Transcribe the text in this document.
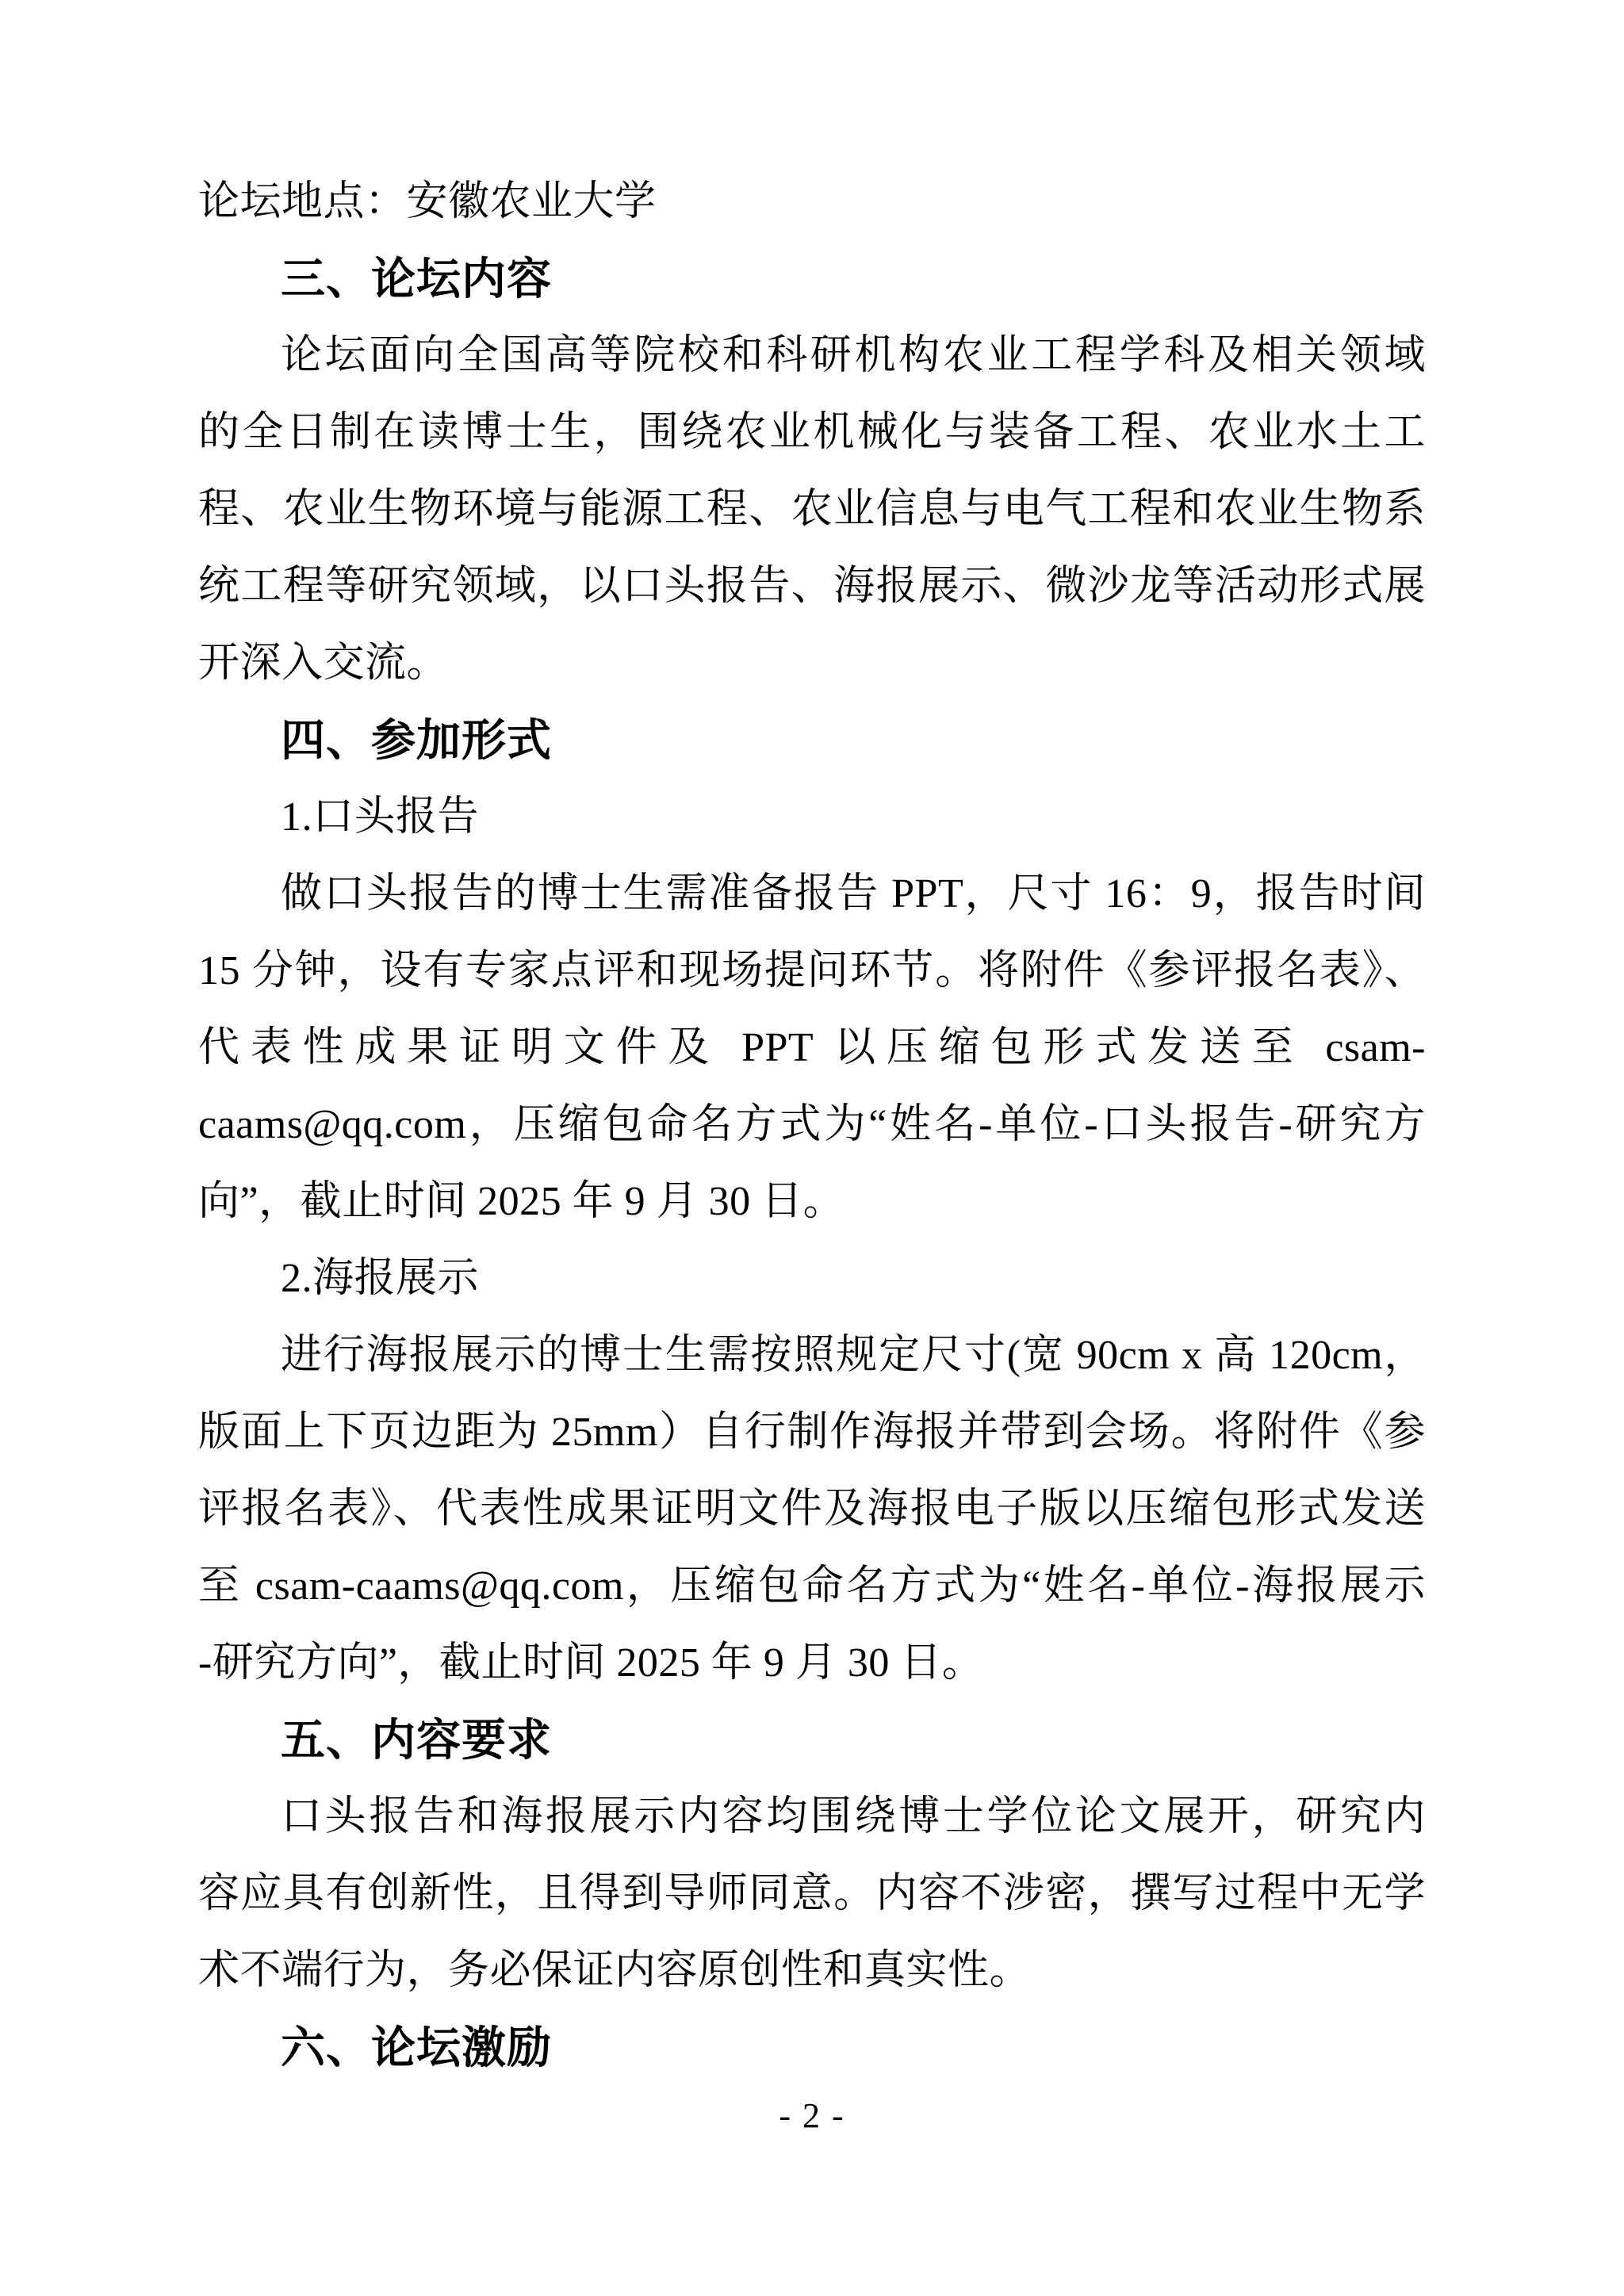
论坛地点：安徽农业大学
三、论坛内容
论坛面向全国高等院校和科研机构农业工程学科及相关领域
的全日制在读博士生，围绕农业机械化与装备工程、农业水土工
程、农业生物环境与能源工程、农业信息与电气工程和农业生物系
统工程等研究领域，以口头报告、海报展示、微沙龙等活动形式展
开深入交流。
四、参加形式
1.口头报告
做口头报告的博士生需准备报告 PPT，尺寸 16：9，报告时间
15 分钟，设有专家点评和现场提问环节。将附件《参评报名表》、
代表性成果证明文件及 PPT 以压缩包形式发送至 csam-
caams@qq.com，压缩包命名方式为“姓名-单位-口头报告-研究方
向”，截止时间 2025 年 9 月 30 日。
2.海报展示
进行海报展示的博士生需按照规定尺寸(宽 90cm x 高 120cm，
版面上下页边距为 25mm）自行制作海报并带到会场。将附件《参
评报名表》、代表性成果证明文件及海报电子版以压缩包形式发送
至 csam-caams@qq.com，压缩包命名方式为“姓名-单位-海报展示
-研究方向”，截止时间 2025 年 9 月 30 日。
五、内容要求
口头报告和海报展示内容均围绕博士学位论文展开，研究内
容应具有创新性，且得到导师同意。内容不涉密，撰写过程中无学
术不端行为，务必保证内容原创性和真实性。
六、论坛激励
- 2 -
